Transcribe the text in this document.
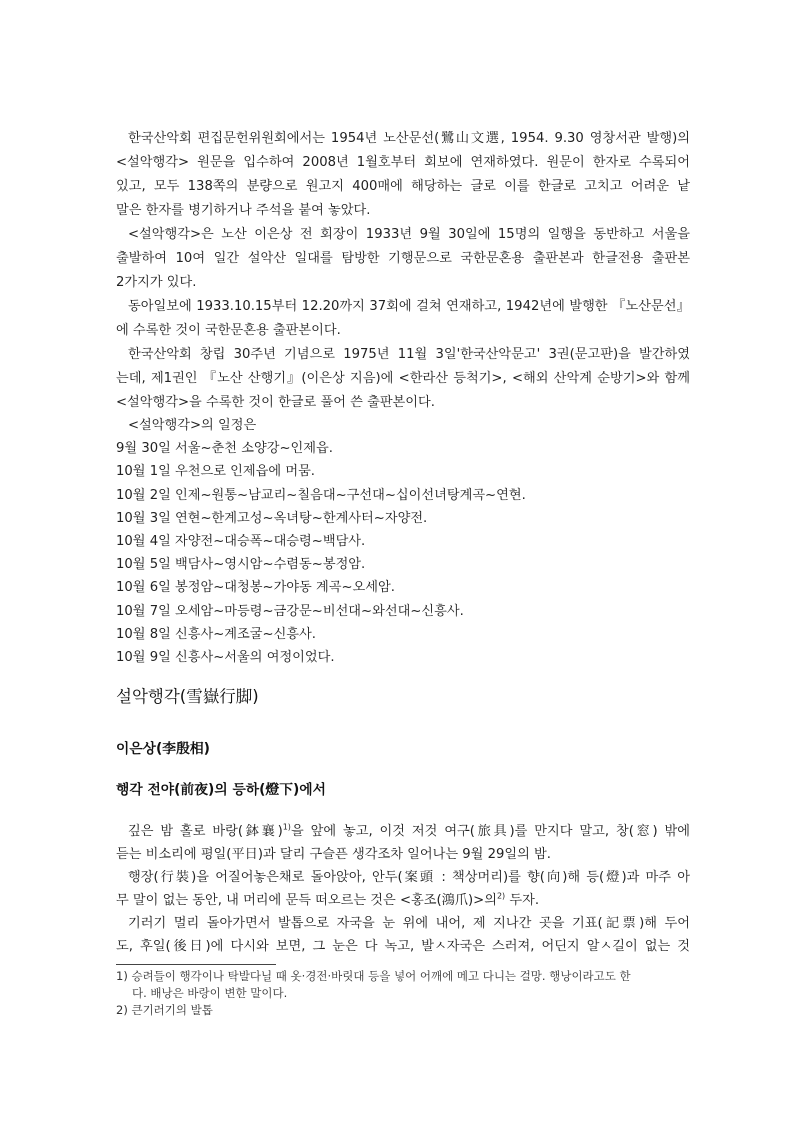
한국산악회 편집문헌위원회에서는 1954년 노산문선(鷺山文選, 1954. 9.30 영창서관 발행)의
<설악행각> 원문을 입수하여 2008년 1월호부터 회보에 연재하였다. 원문이 한자로 수록되어
있고, 모두 138쪽의 분량으로 원고지 400매에 해당하는 글로 이를 한글로 고치고 어려운 낱
말은 한자를 병기하거나 주석을 붙여 놓았다.
<설악행각>은 노산 이은상 전 회장이 1933년 9월 30일에 15명의 일행을 동반하고 서울을
출발하여 10여 일간 설악산 일대를 탐방한 기행문으로 국한문혼용 출판본과 한글전용 출판본
2가지가 있다.
동아일보에 1933.10.15부터 12.20까지 37회에 걸쳐 연재하고, 1942년에 발행한 『노산문선』
에 수록한 것이 국한문혼용 출판본이다.
한국산악회 창립 30주년 기념으로 1975년 11월 3일'한국산악문고' 3권(문고판)을 발간하였
는데, 제1권인 『노산 산행기』(이은상 지음)에 <한라산 등척기>, <해외 산악계 순방기>와 함께
<설악행각>을 수록한 것이 한글로 풀어 쓴 출판본이다.
<설악행각>의 일정은
9월 30일 서울~춘천 소양강~인제읍.
10월 1일 우천으로 인제읍에 머뭄.
10월 2일 인제~원통~남교리~칠음대~구선대~십이선녀탕계곡~연현.
10월 3일 연현~한계고성~옥녀탕~한계사터~자양전.
10월 4일 자양전~대승폭~대승령~백담사.
10월 5일 백담사~영시암~수렴동~봉정암.
10월 6일 봉정암~대청봉~가야동 계곡~오세암.
10월 7일 오세암~마등령~금강문~비선대~와선대~신흥사.
10월 8일 신흥사~계조굴~신흥사.
10월 9일 신흥사~서울의 여정이었다.
설악행각(雪嶽行脚)
이은상(李殷相)
행각 전야(前夜)의 등하(燈下)에서
깊은 밤 홀로 바랑(鉢襄)$^{1)}$을 앞에 놓고, 이것 저것 여구(旅具)를 만지다 말고, 창(窓) 밖에
듣는 비소리에 평일(平日)과 달리 구슬픈 생각조차 일어나는 9월 29일의 밤.
행장(行裝)을 어질어놓은채로 돌아앉아, 안두(案頭 : 책상머리)를 향(向)해 등(燈)과 마주 아
무 말이 없는 동안, 내 머리에 문득 떠오르는 것은 <홍조(鴻爪)>의$^{2)}$ 두자.
기러기 멀리 돌아가면서 발톱으로 자국을 눈 위에 내어, 제 지나간 곳을 기표(記票)해 두어
도, 후일(後日)에 다시와 보면, 그 눈은 다 녹고, 발ㅅ자국은 스러져, 어딘지 알ㅅ길이 없는 것
1) 승려들이 행각이나 탁발다닐 때 옷·경전·바릿대 등을 넣어 어깨에 메고 다니는 걸망. 행낭이라고도 한
다. 배낭은 바랑이 변한 말이다.
2) 큰기러기의 발톱
